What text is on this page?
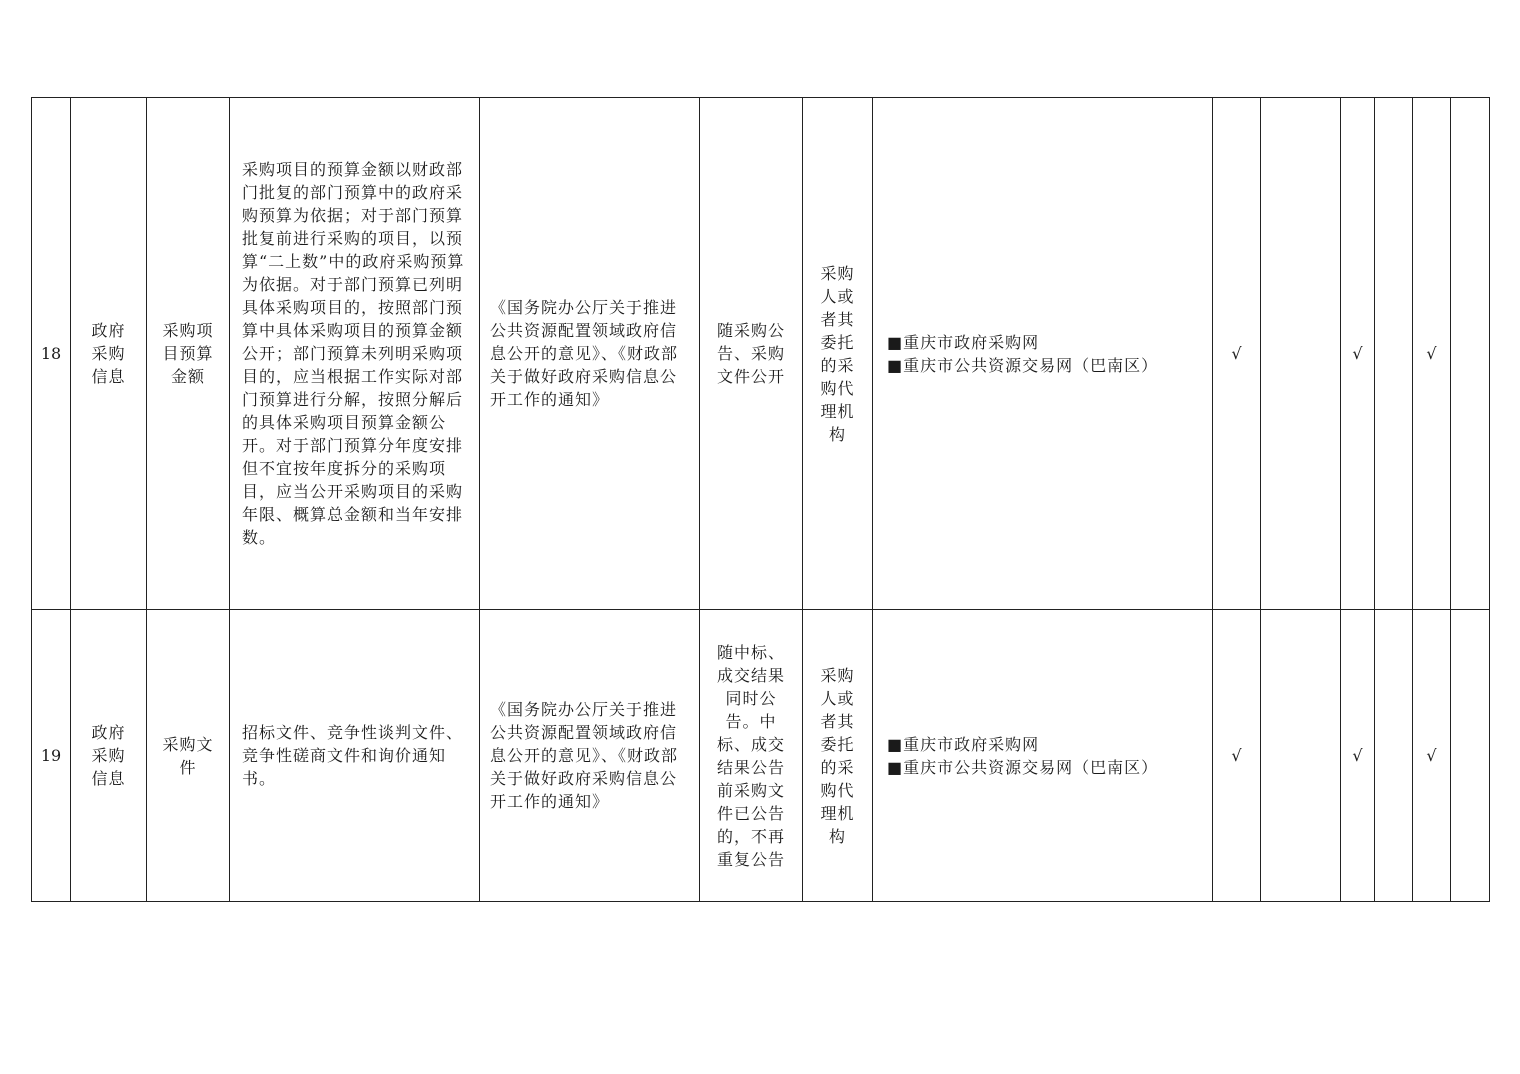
18	政府采购信息	采购项目预算金额	采购项目的预算金额以财政部门批复的部门预算中的政府采购预算为依据；对于部门预算批复前进行采购的项目，以预算“二上数”中的政府采购预算为依据。对于部门预算已列明具体采购项目的，按照部门预算中具体采购项目的预算金额公开；部门预算未列明采购项目的，应当根据工作实际对部门预算进行分解，按照分解后的具体采购项目预算金额公开。对于部门预算分年度安排但不宜按年度拆分的采购项目，应当公开采购项目的采购年限、概算总金额和当年安排数。	《国务院办公厅关于推进公共资源配置领域政府信息公开的意见》、《财政部关于做好政府采购信息公开工作的通知》	随采购公告、采购文件公开	采购人或者其委托的采购代理机构	■重庆市政府采购网
■重庆市公共资源交易网（巴南区）	√		√		√	
19	政府采购信息	采购文件	招标文件、竞争性谈判文件、竞争性磋商文件和询价通知书。	《国务院办公厅关于推进公共资源配置领域政府信息公开的意见》、《财政部关于做好政府采购信息公开工作的通知》	随中标、成交结果同时公告。中标、成交结果公告前采购文件已公告的，不再重复公告	采购人或者其委托的采购代理机构	■重庆市政府采购网
■重庆市公共资源交易网（巴南区）	√		√		√	
